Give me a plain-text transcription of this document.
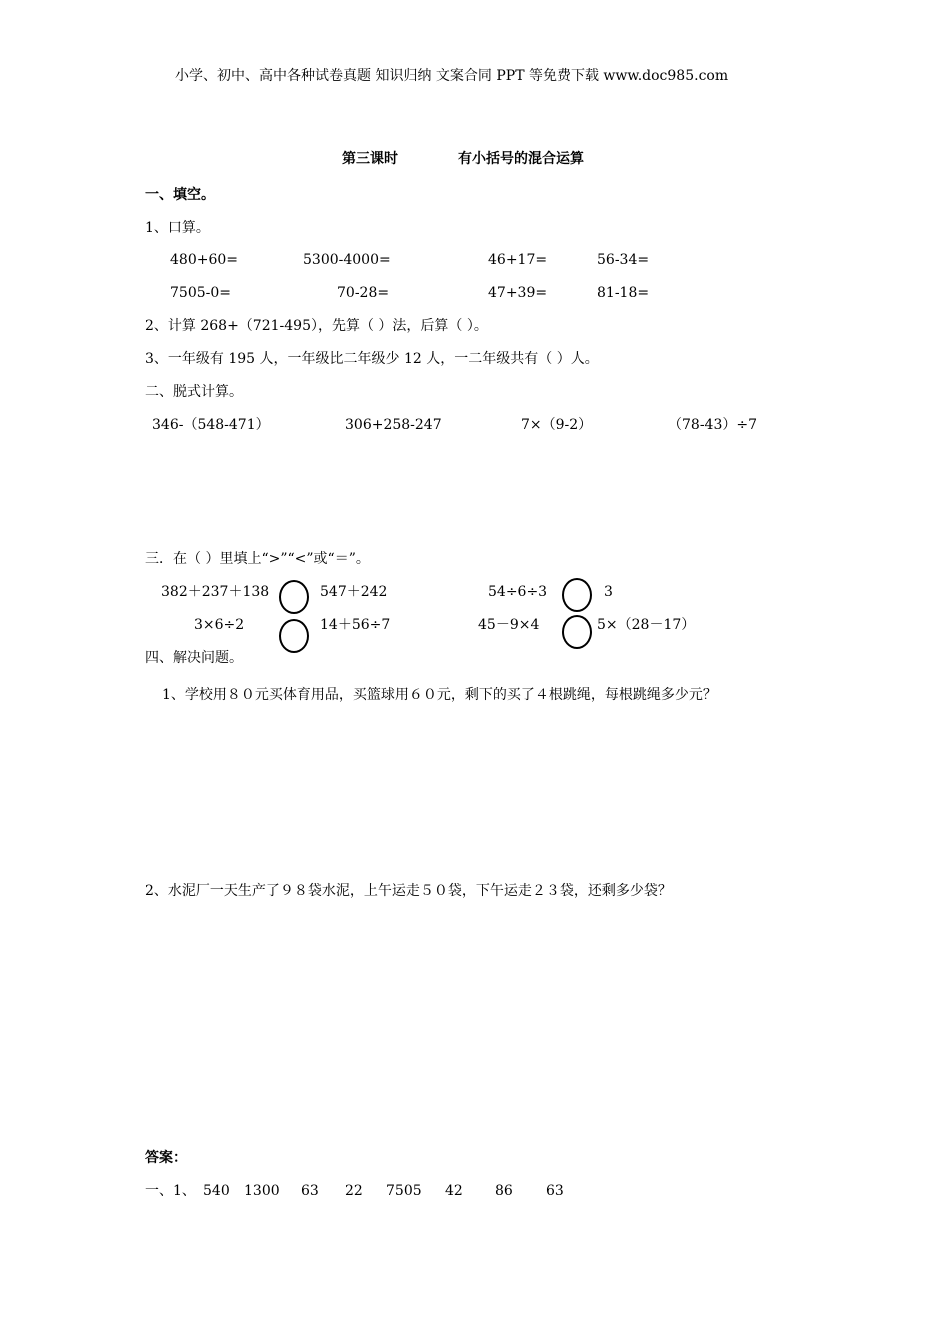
小学、初中、高中各种试卷真题 知识归纳 文案合同 PPT 等免费下载 www.doc985.com
第三课时	有小括号的混合运算
一、填空。
1、口算。
480+60=	5300-4000=	46+17=	56-34=
7505-0=	70-28=	47+39=	81-18=
2、计算 268+（721-495），先算（ ）法，后算（ ）。
3、一年级有 195 人，一年级比二年级少 12 人，一二年级共有（ ）人。
二、脱式计算。
346-（548-471）	306+258-247	7×（9-2）	（78-43）÷7
三．在（ ）里填上“>”“<”或“＝”。
382＋237＋138	547＋242	54÷6÷3	3
3×6÷2	14＋56÷7	45－9×4	5×（28－17）
四、解决问题。
1、学校用８０元买体育用品，买篮球用６０元，剩下的买了４根跳绳，每根跳绳多少元？
2、水泥厂一天生产了９８袋水泥，上午运走５０袋，下午运走２３袋，还剩多少袋？
答案：
一、1、 540 1300 63 22 7505 42 86 63
